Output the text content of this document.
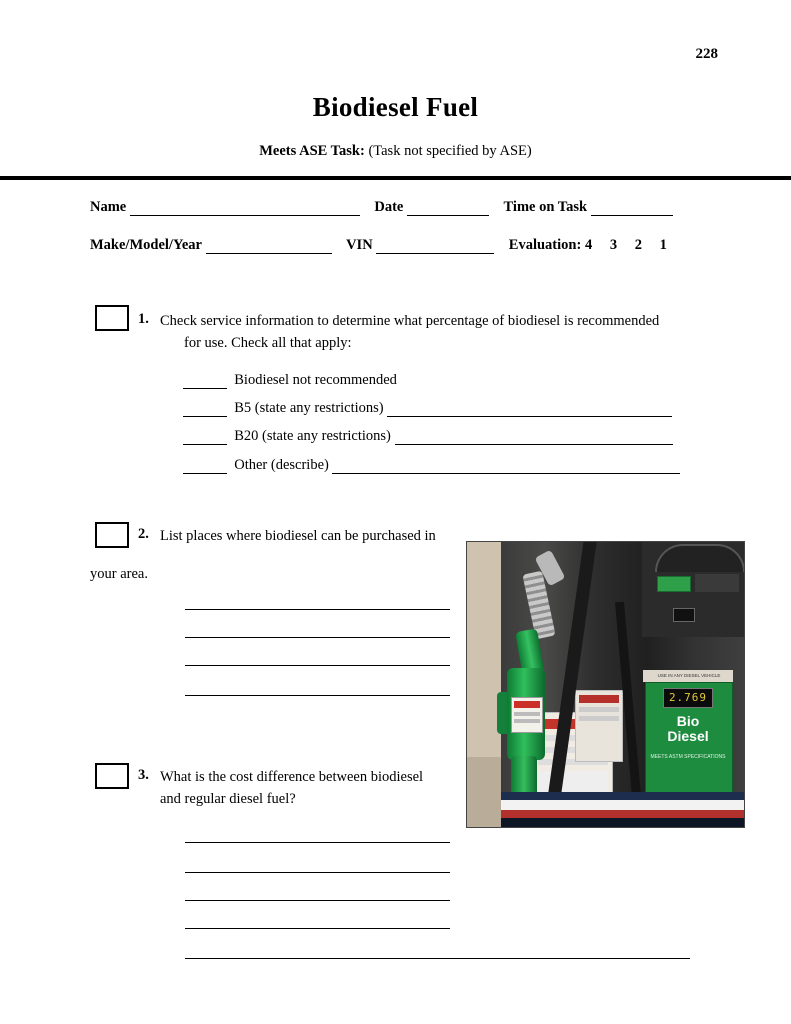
228
Biodiesel Fuel
Meets ASE Task: (Task not specified by ASE)
Name	Date	Time on Task
Make/Model/Year	VIN	Evaluation: 4 3 2 1
1. Check service information to determine what percentage of biodiesel is recommended
for use. Check all that apply:
Biodiesel not recommended
B5 (state any restrictions)
B20 (state any restrictions)
Other (describe)
2. List places where biodiesel can be purchased in
your area.
USE IN ANY DIESEL VEHICLE
2.769
Bio
Diesel
MEETS ASTM SPECIFICATIONS
3. What is the cost difference between biodiesel
and regular diesel fuel?
